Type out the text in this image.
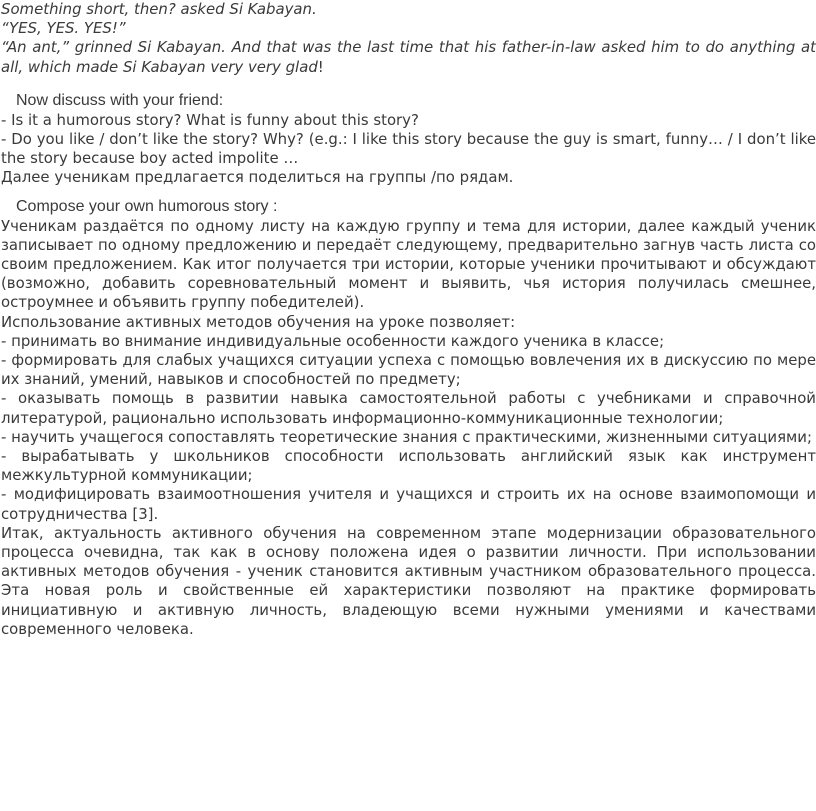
Something short, then? asked Si Kabayan.

“YES, YES. YES!”

“An ant,” grinned Si Kabayan. And that was the last time that his father-in-law asked him to do anything at all, which made Si Kabayan very very glad!

Now discuss with your friend:

- Is it a humorous story? What is funny about this story?

- Do you like / don’t like the story? Why? (e.g.: I like this story because the guy is smart, funny… / I don’t like the story because boy acted impolite …

Далее ученикам предлагается поделиться на группы /по рядам.

Compose your own humorous story :

Ученикам раздаётся по одному листу на каждую группу и тема для истории, далее каждый ученик записывает по одному предложению и передаёт следующему, предварительно загнув часть листа со своим предложением. Как итог получается три истории, которые ученики прочитывают и обсуждают (возможно, добавить соревновательный момент и выявить, чья история получилась смешнее, остроумнее и объявить группу победителей).

Использование активных методов обучения на уроке позволяет:

- принимать во внимание индивидуальные особенности каждого ученика в классе;

- формировать для слабых учащихся ситуации успеха с помощью вовлечения их в дискуссию по мере их знаний, умений, навыков и способностей по предмету;

- оказывать помощь в развитии навыка самостоятельной работы с учебниками и справочной литературой, рационально использовать информационно-коммуникационные технологии;

- научить учащегося сопоставлять теоретические знания с практическими, жизненными ситуациями;

- вырабатывать у школьников способности использовать английский язык как инструмент межкультурной коммуникации;

- модифицировать взаимоотношения учителя и учащихся и строить их на основе взаимопомощи и сотрудничества [3].

Итак, актуальность активного обучения на современном этапе модернизации образовательного процесса очевидна, так как в основу положена идея о развитии личности. При использовании активных методов обучения - ученик становится активным участником образовательного процесса. Эта новая роль и свойственные ей характеристики позволяют на практике формировать инициативную и активную личность, владеющую всеми нужными умениями и качествами современного человека.
